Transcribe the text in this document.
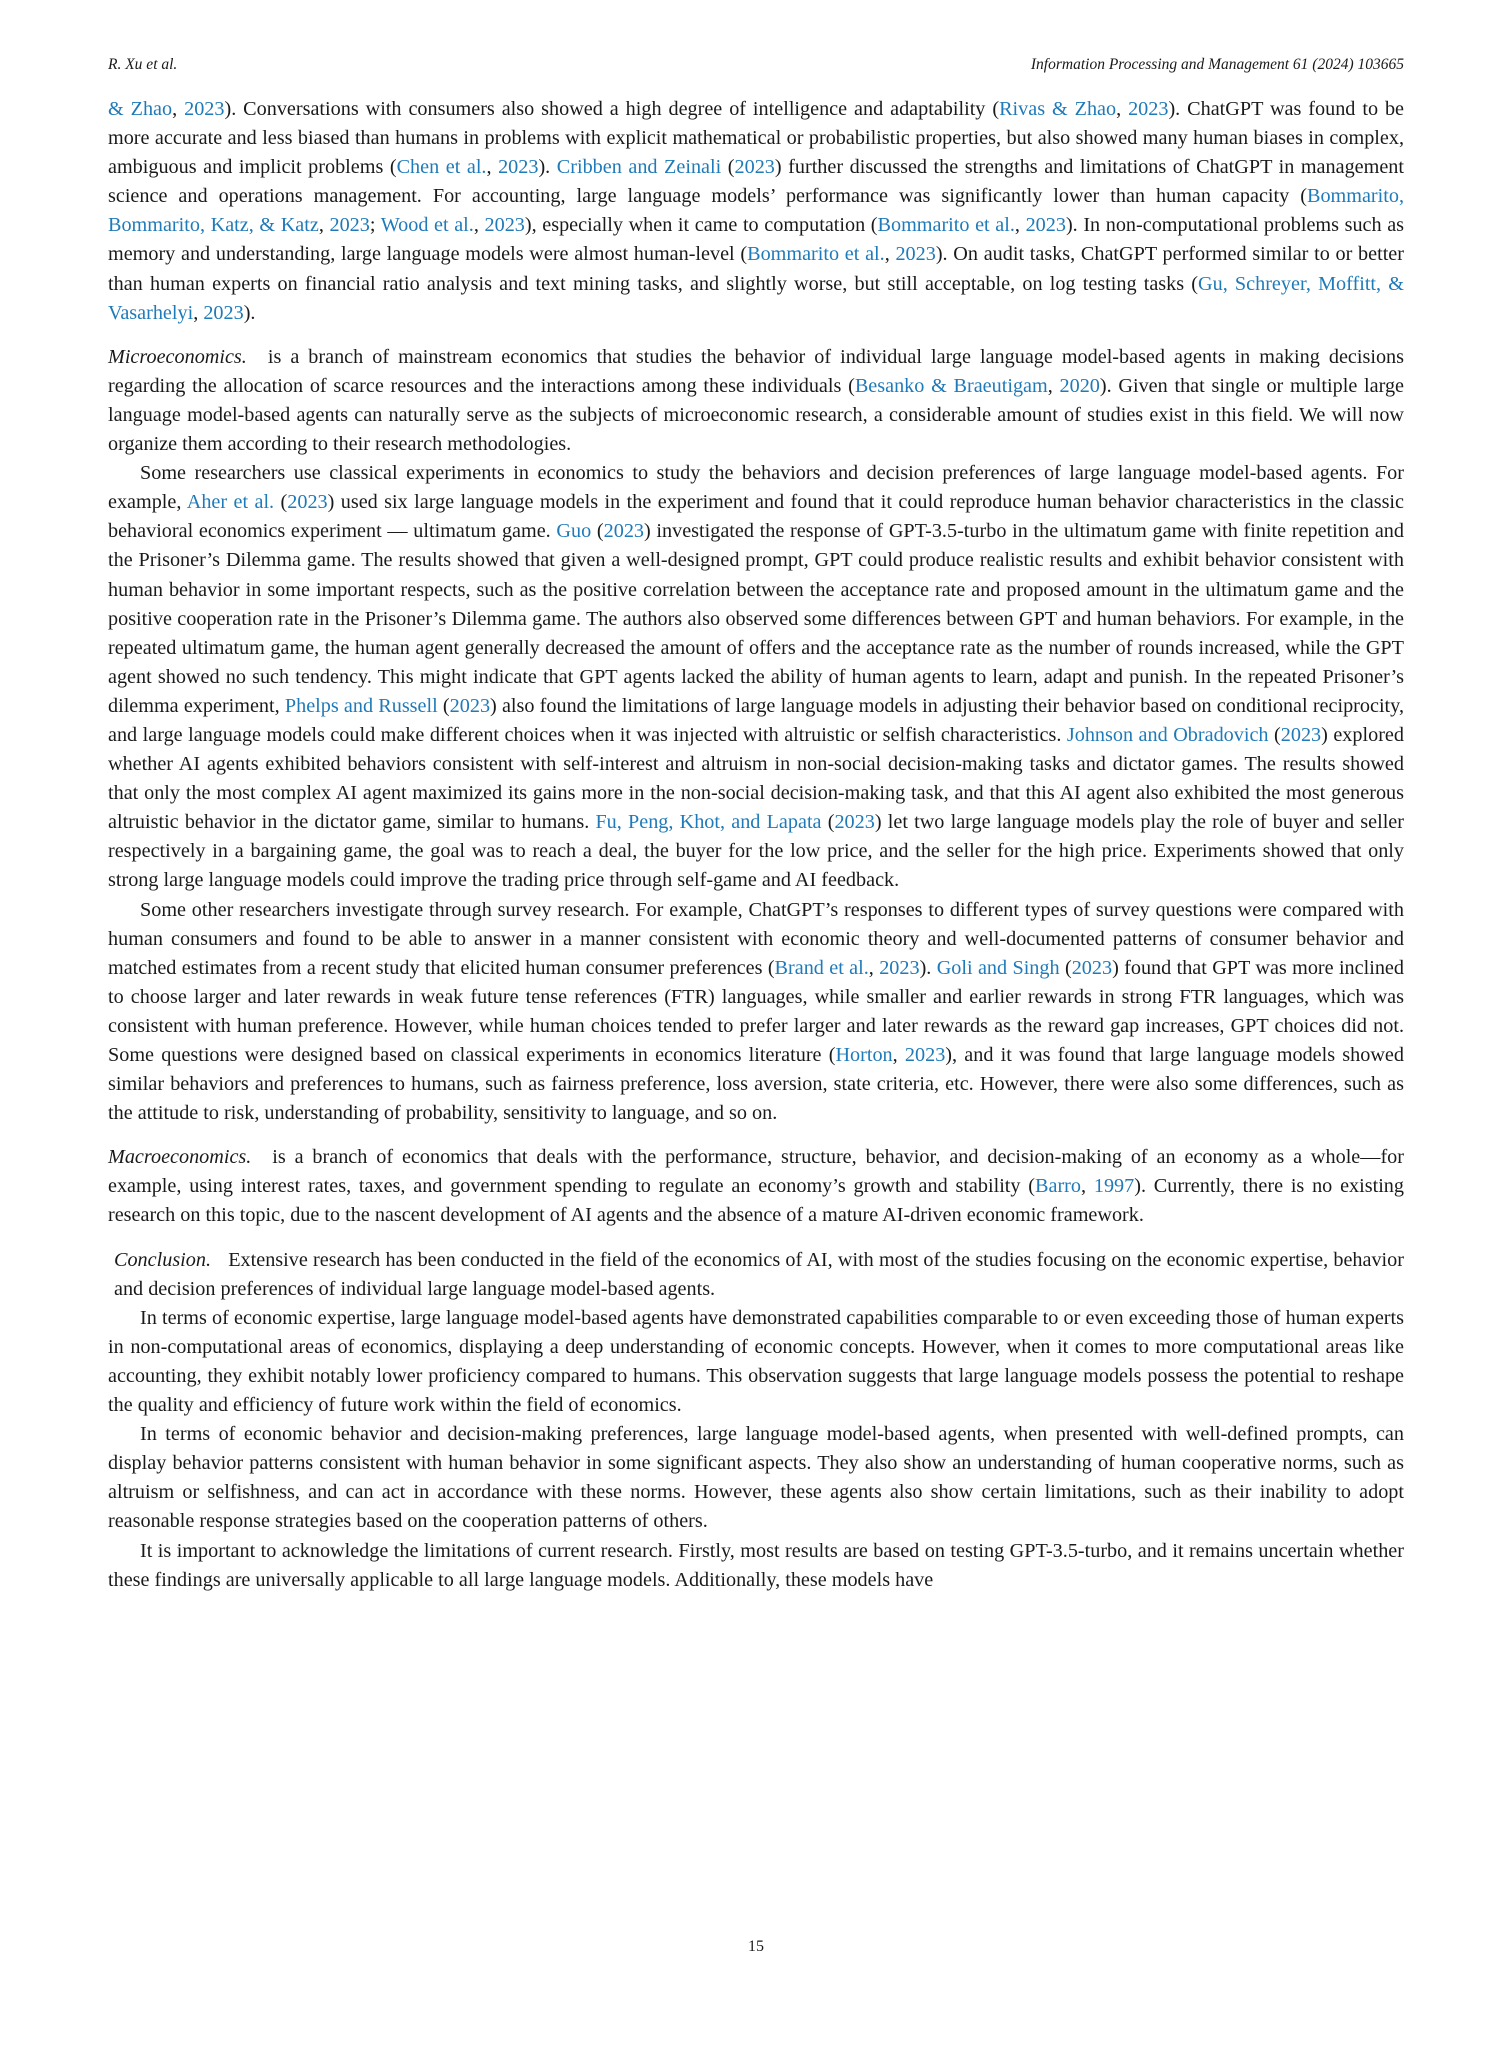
R. Xu et al.	Information Processing and Management 61 (2024) 103665

& Zhao, 2023). Conversations with consumers also showed a high degree of intelligence and adaptability (Rivas & Zhao, 2023). ChatGPT was found to be more accurate and less biased than humans in problems with explicit mathematical or probabilistic properties, but also showed many human biases in complex, ambiguous and implicit problems (Chen et al., 2023). Cribben and Zeinali (2023) further discussed the strengths and limitations of ChatGPT in management science and operations management. For accounting, large language models’ performance was significantly lower than human capacity (Bommarito, Bommarito, Katz, & Katz, 2023; Wood et al., 2023), especially when it came to computation (Bommarito et al., 2023). In non-computational problems such as memory and understanding, large language models were almost human-level (Bommarito et al., 2023). On audit tasks, ChatGPT performed similar to or better than human experts on financial ratio analysis and text mining tasks, and slightly worse, but still acceptable, on log testing tasks (Gu, Schreyer, Moffitt, & Vasarhelyi, 2023).

Microeconomics. is a branch of mainstream economics that studies the behavior of individual large language model-based agents in making decisions regarding the allocation of scarce resources and the interactions among these individuals (Besanko & Braeutigam, 2020). Given that single or multiple large language model-based agents can naturally serve as the subjects of microeconomic research, a considerable amount of studies exist in this field. We will now organize them according to their research methodologies.

Some researchers use classical experiments in economics to study the behaviors and decision preferences of large language model-based agents. For example, Aher et al. (2023) used six large language models in the experiment and found that it could reproduce human behavior characteristics in the classic behavioral economics experiment — ultimatum game. Guo (2023) investigated the response of GPT-3.5-turbo in the ultimatum game with finite repetition and the Prisoner’s Dilemma game. The results showed that given a well-designed prompt, GPT could produce realistic results and exhibit behavior consistent with human behavior in some important respects, such as the positive correlation between the acceptance rate and proposed amount in the ultimatum game and the positive cooperation rate in the Prisoner’s Dilemma game. The authors also observed some differences between GPT and human behaviors. For example, in the repeated ultimatum game, the human agent generally decreased the amount of offers and the acceptance rate as the number of rounds increased, while the GPT agent showed no such tendency. This might indicate that GPT agents lacked the ability of human agents to learn, adapt and punish. In the repeated Prisoner’s dilemma experiment, Phelps and Russell (2023) also found the limitations of large language models in adjusting their behavior based on conditional reciprocity, and large language models could make different choices when it was injected with altruistic or selfish characteristics. Johnson and Obradovich (2023) explored whether AI agents exhibited behaviors consistent with self-interest and altruism in non-social decision-making tasks and dictator games. The results showed that only the most complex AI agent maximized its gains more in the non-social decision-making task, and that this AI agent also exhibited the most generous altruistic behavior in the dictator game, similar to humans. Fu, Peng, Khot, and Lapata (2023) let two large language models play the role of buyer and seller respectively in a bargaining game, the goal was to reach a deal, the buyer for the low price, and the seller for the high price. Experiments showed that only strong large language models could improve the trading price through self-game and AI feedback.

Some other researchers investigate through survey research. For example, ChatGPT’s responses to different types of survey questions were compared with human consumers and found to be able to answer in a manner consistent with economic theory and well-documented patterns of consumer behavior and matched estimates from a recent study that elicited human consumer preferences (Brand et al., 2023). Goli and Singh (2023) found that GPT was more inclined to choose larger and later rewards in weak future tense references (FTR) languages, while smaller and earlier rewards in strong FTR languages, which was consistent with human preference. However, while human choices tended to prefer larger and later rewards as the reward gap increases, GPT choices did not. Some questions were designed based on classical experiments in economics literature (Horton, 2023), and it was found that large language models showed similar behaviors and preferences to humans, such as fairness preference, loss aversion, state criteria, etc. However, there were also some differences, such as the attitude to risk, understanding of probability, sensitivity to language, and so on.

Macroeconomics. is a branch of economics that deals with the performance, structure, behavior, and decision-making of an economy as a whole—for example, using interest rates, taxes, and government spending to regulate an economy’s growth and stability (Barro, 1997). Currently, there is no existing research on this topic, due to the nascent development of AI agents and the absence of a mature AI-driven economic framework.

Conclusion. Extensive research has been conducted in the field of the economics of AI, with most of the studies focusing on the economic expertise, behavior and decision preferences of individual large language model-based agents.

In terms of economic expertise, large language model-based agents have demonstrated capabilities comparable to or even exceeding those of human experts in non-computational areas of economics, displaying a deep understanding of economic concepts. However, when it comes to more computational areas like accounting, they exhibit notably lower proficiency compared to humans. This observation suggests that large language models possess the potential to reshape the quality and efficiency of future work within the field of economics.

In terms of economic behavior and decision-making preferences, large language model-based agents, when presented with well-defined prompts, can display behavior patterns consistent with human behavior in some significant aspects. They also show an understanding of human cooperative norms, such as altruism or selfishness, and can act in accordance with these norms. However, these agents also show certain limitations, such as their inability to adopt reasonable response strategies based on the cooperation patterns of others.

It is important to acknowledge the limitations of current research. Firstly, most results are based on testing GPT-3.5-turbo, and it remains uncertain whether these findings are universally applicable to all large language models. Additionally, these models have

15
